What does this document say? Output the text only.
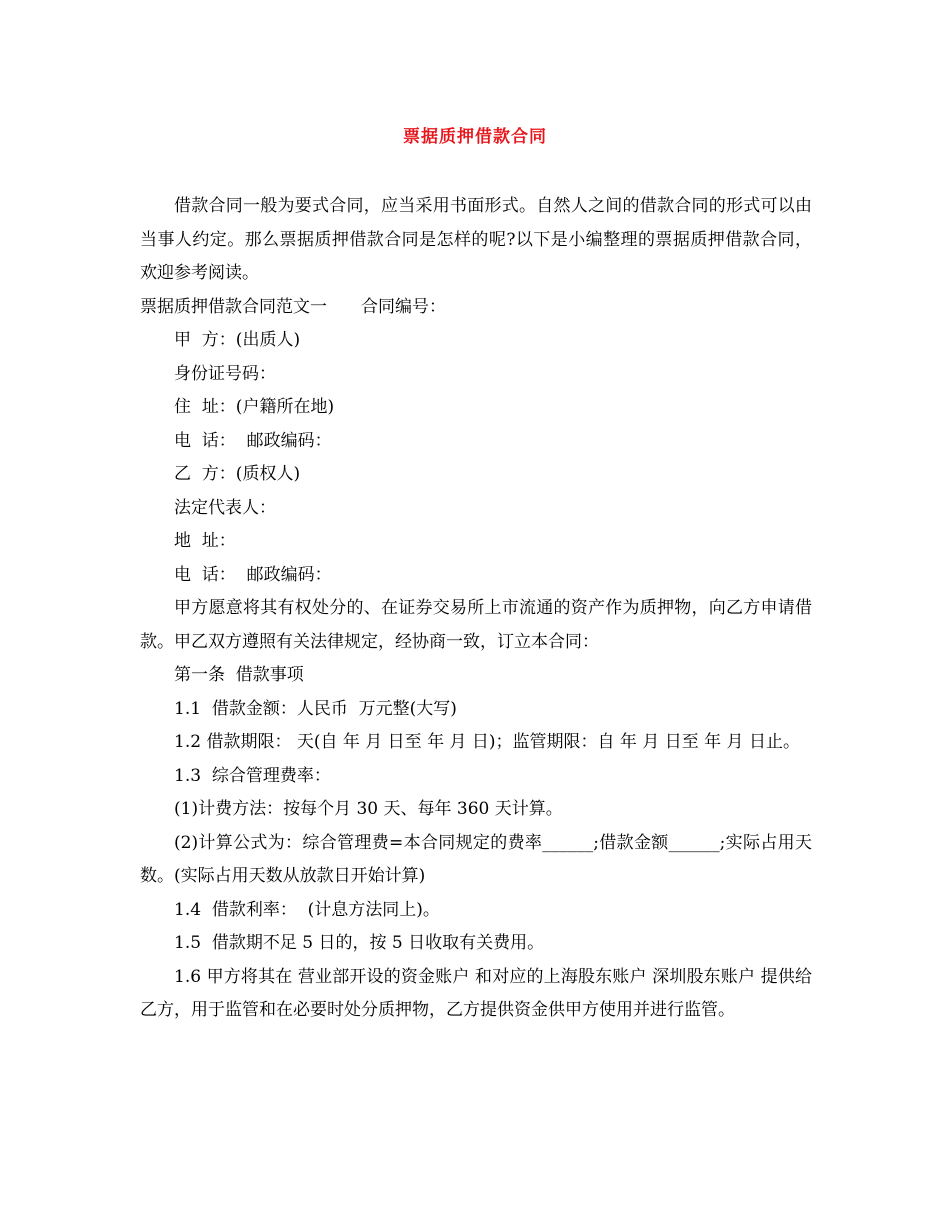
票据质押借款合同

借款合同一般为要式合同，应当采用书面形式。自然人之间的借款合同的形式可以由当事人约定。那么票据质押借款合同是怎样的呢?以下是小编整理的票据质押借款合同，欢迎参考阅读。

票据质押借款合同范文一　　合同编号：

甲  方：(出质人)

身份证号码：

住  址：(户籍所在地)

电  话：  邮政编码：

乙  方：(质权人)

法定代表人：

地  址：

电  话：  邮政编码：

甲方愿意将其有权处分的、在证券交易所上市流通的资产作为质押物，向乙方申请借款。甲乙双方遵照有关法律规定，经协商一致，订立本合同：

第一条  借款事项

1.1  借款金额：人民币  万元整(大写)

1.2 借款期限： 天(自 年 月 日至 年 月 日)；监管期限：自 年 月 日至 年 月 日止。

1.3  综合管理费率：

(1)计费方法：按每个月 30 天、每年 360 天计算。

(2)计算公式为：综合管理费=本合同规定的费率______;借款金额______;实际占用天数。(实际占用天数从放款日开始计算)

1.4  借款利率：  (计息方法同上)。

1.5  借款期不足 5 日的，按 5 日收取有关费用。

1.6 甲方将其在 营业部开设的资金账户 和对应的上海股东账户 深圳股东账户 提供给乙方，用于监管和在必要时处分质押物，乙方提供资金供甲方使用并进行监管。
